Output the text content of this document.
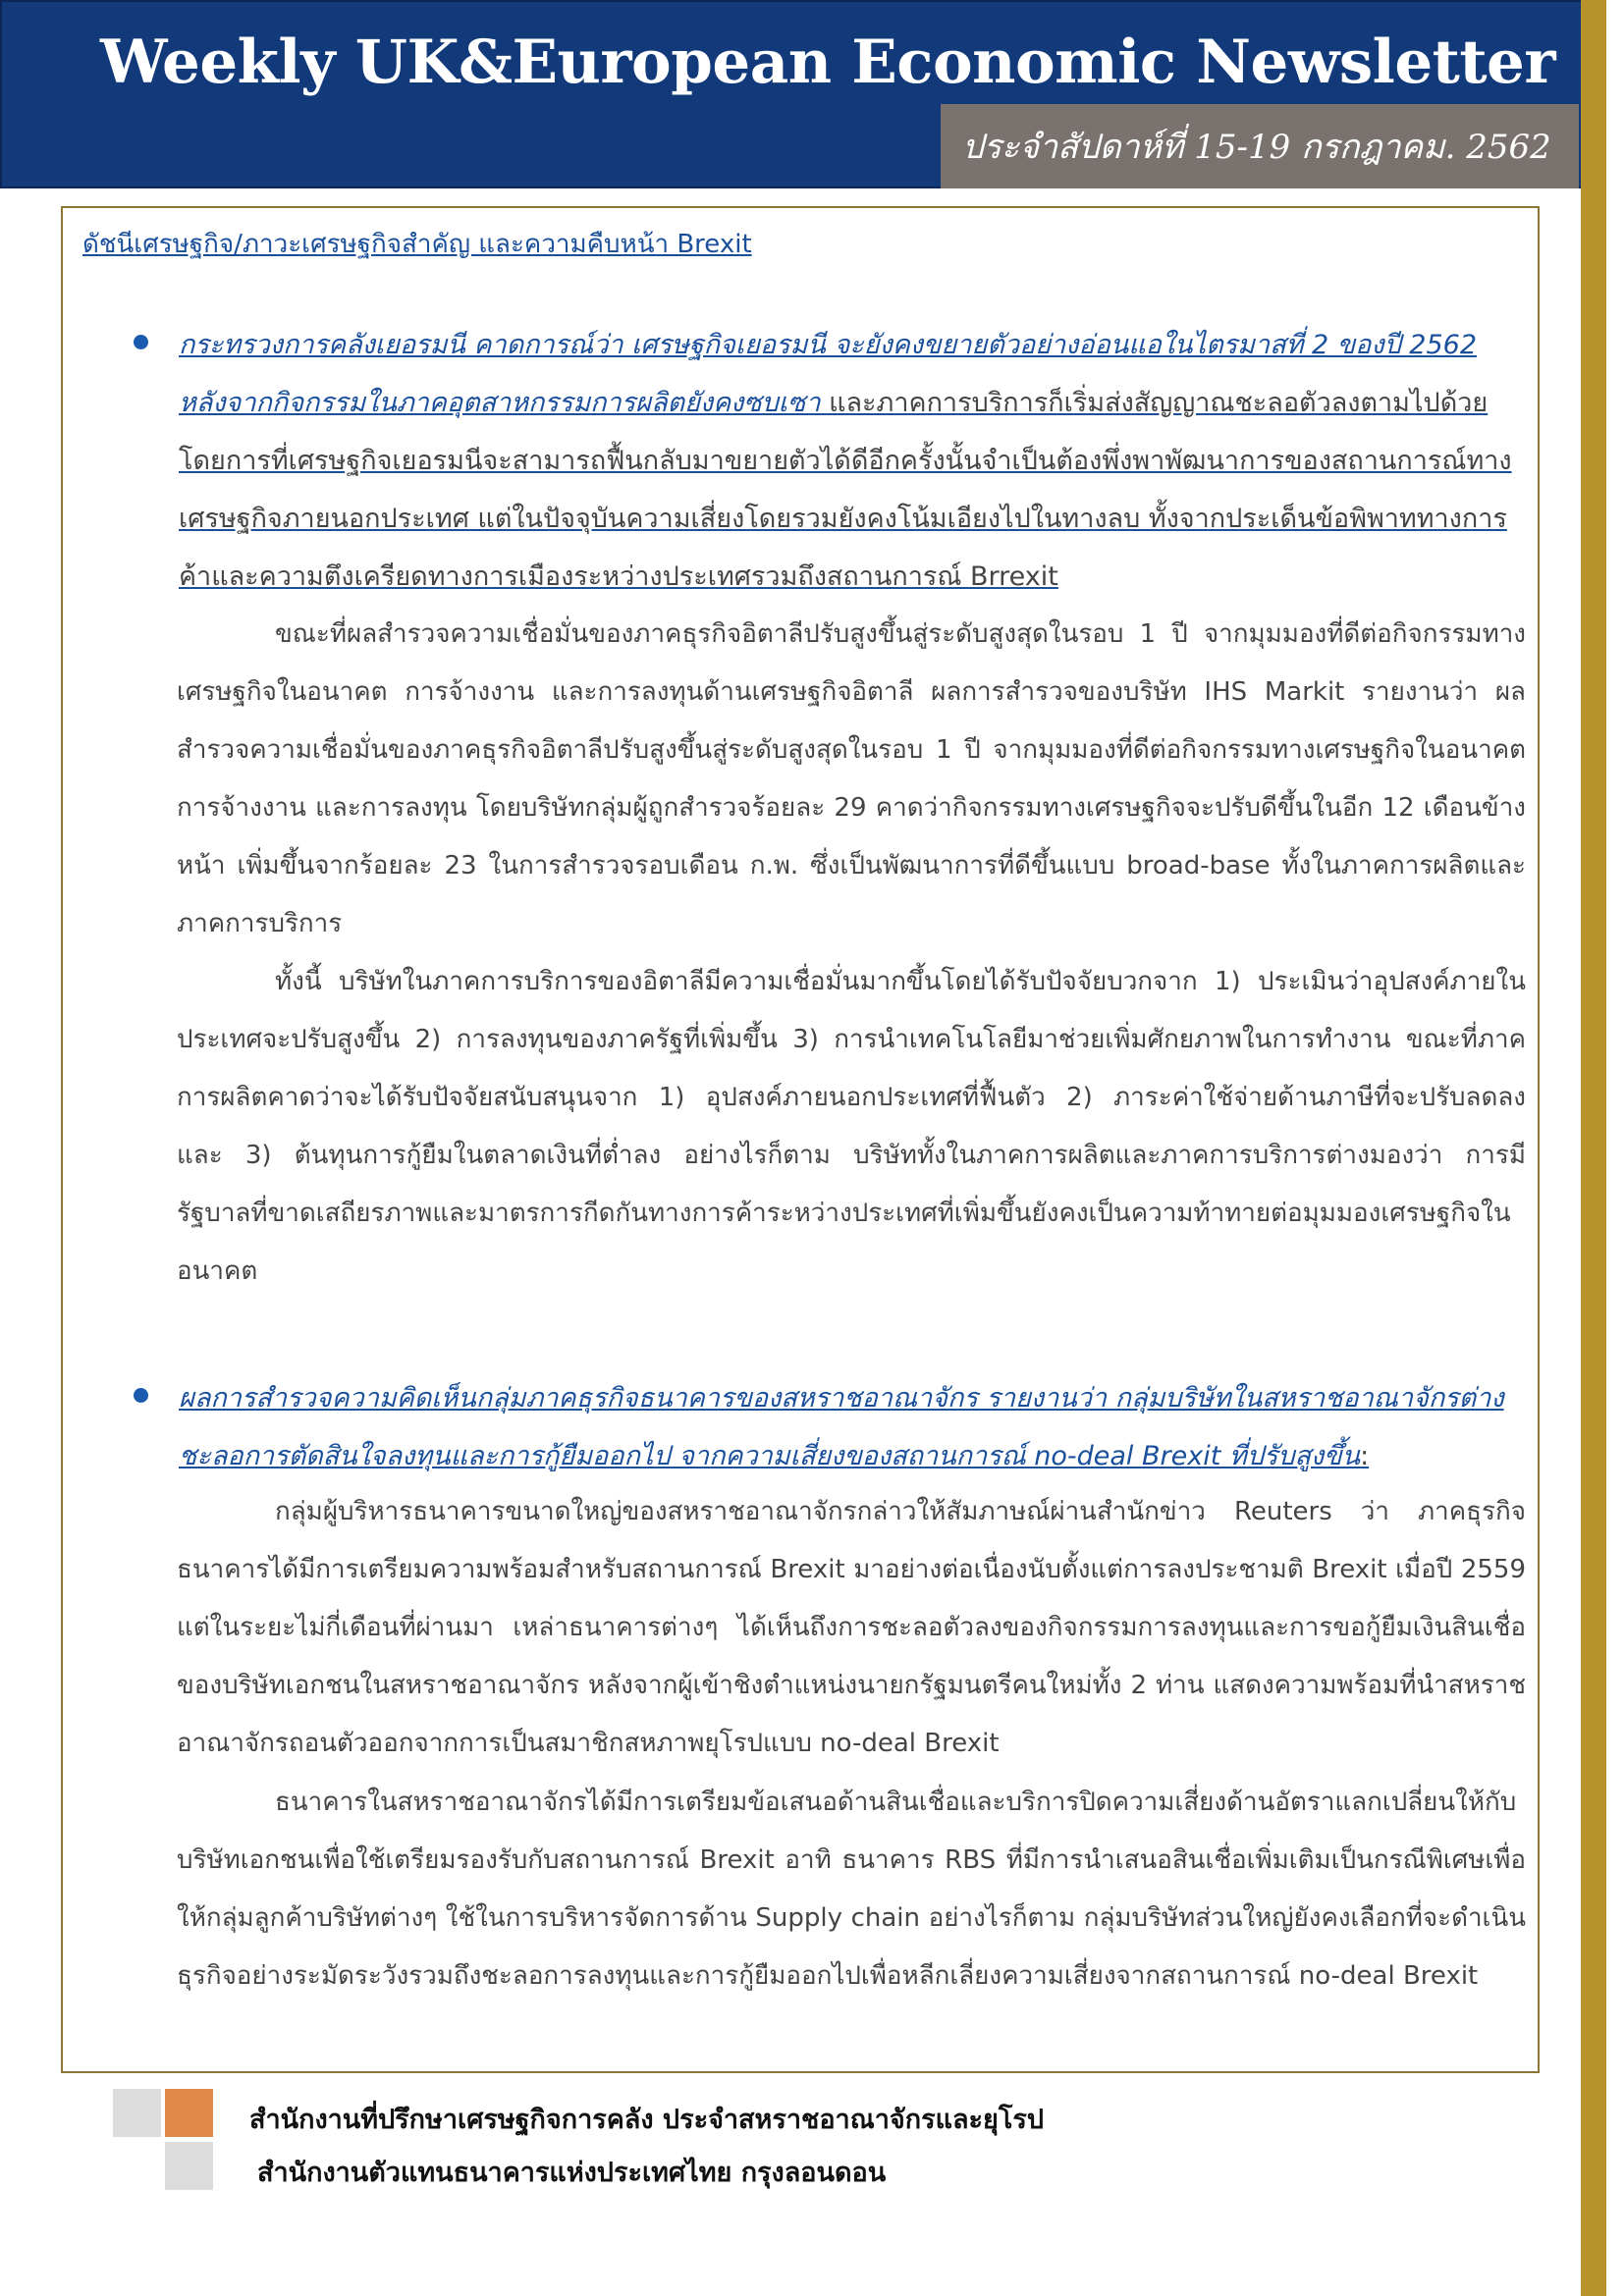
Weekly UK&European Economic Newsletter
ประจำสัปดาห์ที่ 15-19 กรกฎาคม. 2562
ดัชนีเศรษฐกิจ/ภาวะเศรษฐกิจสำคัญ และความคืบหน้า Brexit
กระทรวงการคลังเยอรมนี คาดการณ์ว่า เศรษฐกิจเยอรมนี จะยังคงขยายตัวอย่างอ่อนแอในไตรมาสที่ 2 ของปี 2562 หลังจากกิจกรรมในภาคอุตสาหกรรมการผลิตยังคงซบเซา และภาคการบริการก็เริ่มส่งสัญญาณชะลอตัวลงตามไปด้วย โดยการที่เศรษฐกิจเยอรมนีจะสามารถฟื้นกลับมาขยายตัวได้ดีอีกครั้งนั้นจำเป็นต้องพึ่งพาพัฒนาการของสถานการณ์ทางเศรษฐกิจภายนอกประเทศ แต่ในปัจจุบันความเสี่ยงโดยรวมยังคงโน้มเอียงไปในทางลบ ทั้งจากประเด็นข้อพิพาททางการค้าและความตึงเครียดทางการเมืองระหว่างประเทศรวมถึงสถานการณ์ Brrexit
ขณะที่ผลสำรวจความเชื่อมั่นของภาคธุรกิจอิตาลีปรับสูงขึ้นสู่ระดับสูงสุดในรอบ 1 ปี จากมุมมองที่ดีต่อกิจกรรมทางเศรษฐกิจในอนาคต การจ้างงาน และการลงทุนด้านเศรษฐกิจอิตาลี ผลการสำรวจของบริษัท IHS Markit รายงานว่า ผลสำรวจความเชื่อมั่นของภาคธุรกิจอิตาลีปรับสูงขึ้นสู่ระดับสูงสุดในรอบ 1 ปี จากมุมมองที่ดีต่อกิจกรรมทางเศรษฐกิจในอนาคต การจ้างงาน และการลงทุน โดยบริษัทกลุ่มผู้ถูกสำรวจร้อยละ 29 คาดว่ากิจกรรมทางเศรษฐกิจจะปรับดีขึ้นในอีก 12 เดือนข้างหน้า เพิ่มขึ้นจากร้อยละ 23 ในการสำรวจรอบเดือน ก.พ. ซึ่งเป็นพัฒนาการที่ดีขึ้นแบบ broad-base ทั้งในภาคการผลิตและภาคการบริการ
ทั้งนี้ บริษัทในภาคการบริการของอิตาลีมีความเชื่อมั่นมากขึ้นโดยได้รับปัจจัยบวกจาก 1) ประเมินว่าอุปสงค์ภายในประเทศจะปรับสูงขึ้น 2) การลงทุนของภาครัฐที่เพิ่มขึ้น 3) การนำเทคโนโลยีมาช่วยเพิ่มศักยภาพในการทำงาน ขณะที่ภาคการผลิตคาดว่าจะได้รับปัจจัยสนับสนุนจาก 1) อุปสงค์ภายนอกประเทศที่ฟื้นตัว 2) ภาระค่าใช้จ่ายด้านภาษีที่จะปรับลดลง และ 3) ต้นทุนการกู้ยืมในตลาดเงินที่ต่ำลง อย่างไรก็ตาม บริษัททั้งในภาคการผลิตและภาคการบริการต่างมองว่า การมีรัฐบาลที่ขาดเสถียรภาพและมาตรการกีดกันทางการค้าระหว่างประเทศที่เพิ่มขึ้นยังคงเป็นความท้าทายต่อมุมมองเศรษฐกิจในอนาคต
ผลการสำรวจความคิดเห็นกลุ่มภาคธุรกิจธนาคารของสหราชอาณาจักร รายงานว่า กลุ่มบริษัทในสหราชอาณาจักรต่างชะลอการตัดสินใจลงทุนและการกู้ยืมออกไป จากความเสี่ยงของสถานการณ์ no-deal Brexit ที่ปรับสูงขึ้น:
กลุ่มผู้บริหารธนาคารขนาดใหญ่ของสหราชอาณาจักรกล่าวให้สัมภาษณ์ผ่านสำนักข่าว Reuters ว่า ภาคธุรกิจธนาคารได้มีการเตรียมความพร้อมสำหรับสถานการณ์ Brexit มาอย่างต่อเนื่องนับตั้งแต่การลงประชามติ Brexit เมื่อปี 2559 แต่ในระยะไม่กี่เดือนที่ผ่านมา เหล่าธนาคารต่างๆ ได้เห็นถึงการชะลอตัวลงของกิจกรรมการลงทุนและการขอกู้ยืมเงินสินเชื่อของบริษัทเอกชนในสหราชอาณาจักร หลังจากผู้เข้าชิงตำแหน่งนายกรัฐมนตรีคนใหม่ทั้ง 2 ท่าน แสดงความพร้อมที่นำสหราชอาณาจักรถอนตัวออกจากการเป็นสมาชิกสหภาพยุโรปแบบ no-deal Brexit
ธนาคารในสหราชอาณาจักรได้มีการเตรียมข้อเสนอด้านสินเชื่อและบริการปิดความเสี่ยงด้านอัตราแลกเปลี่ยนให้กับบริษัทเอกชนเพื่อใช้เตรียมรองรับกับสถานการณ์ Brexit อาทิ ธนาคาร RBS ที่มีการนำเสนอสินเชื่อเพิ่มเติมเป็นกรณีพิเศษเพื่อให้กลุ่มลูกค้าบริษัทต่างๆ ใช้ในการบริหารจัดการด้าน Supply chain อย่างไรก็ตาม กลุ่มบริษัทส่วนใหญ่ยังคงเลือกที่จะดำเนินธุรกิจอย่างระมัดระวังรวมถึงชะลอการลงทุนและการกู้ยืมออกไปเพื่อหลีกเลี่ยงความเสี่ยงจากสถานการณ์ no-deal Brexit
สำนักงานที่ปรึกษาเศรษฐกิจการคลัง ประจำสหราชอาณาจักรและยุโรป
สำนักงานตัวแทนธนาคารแห่งประเทศไทย กรุงลอนดอน
